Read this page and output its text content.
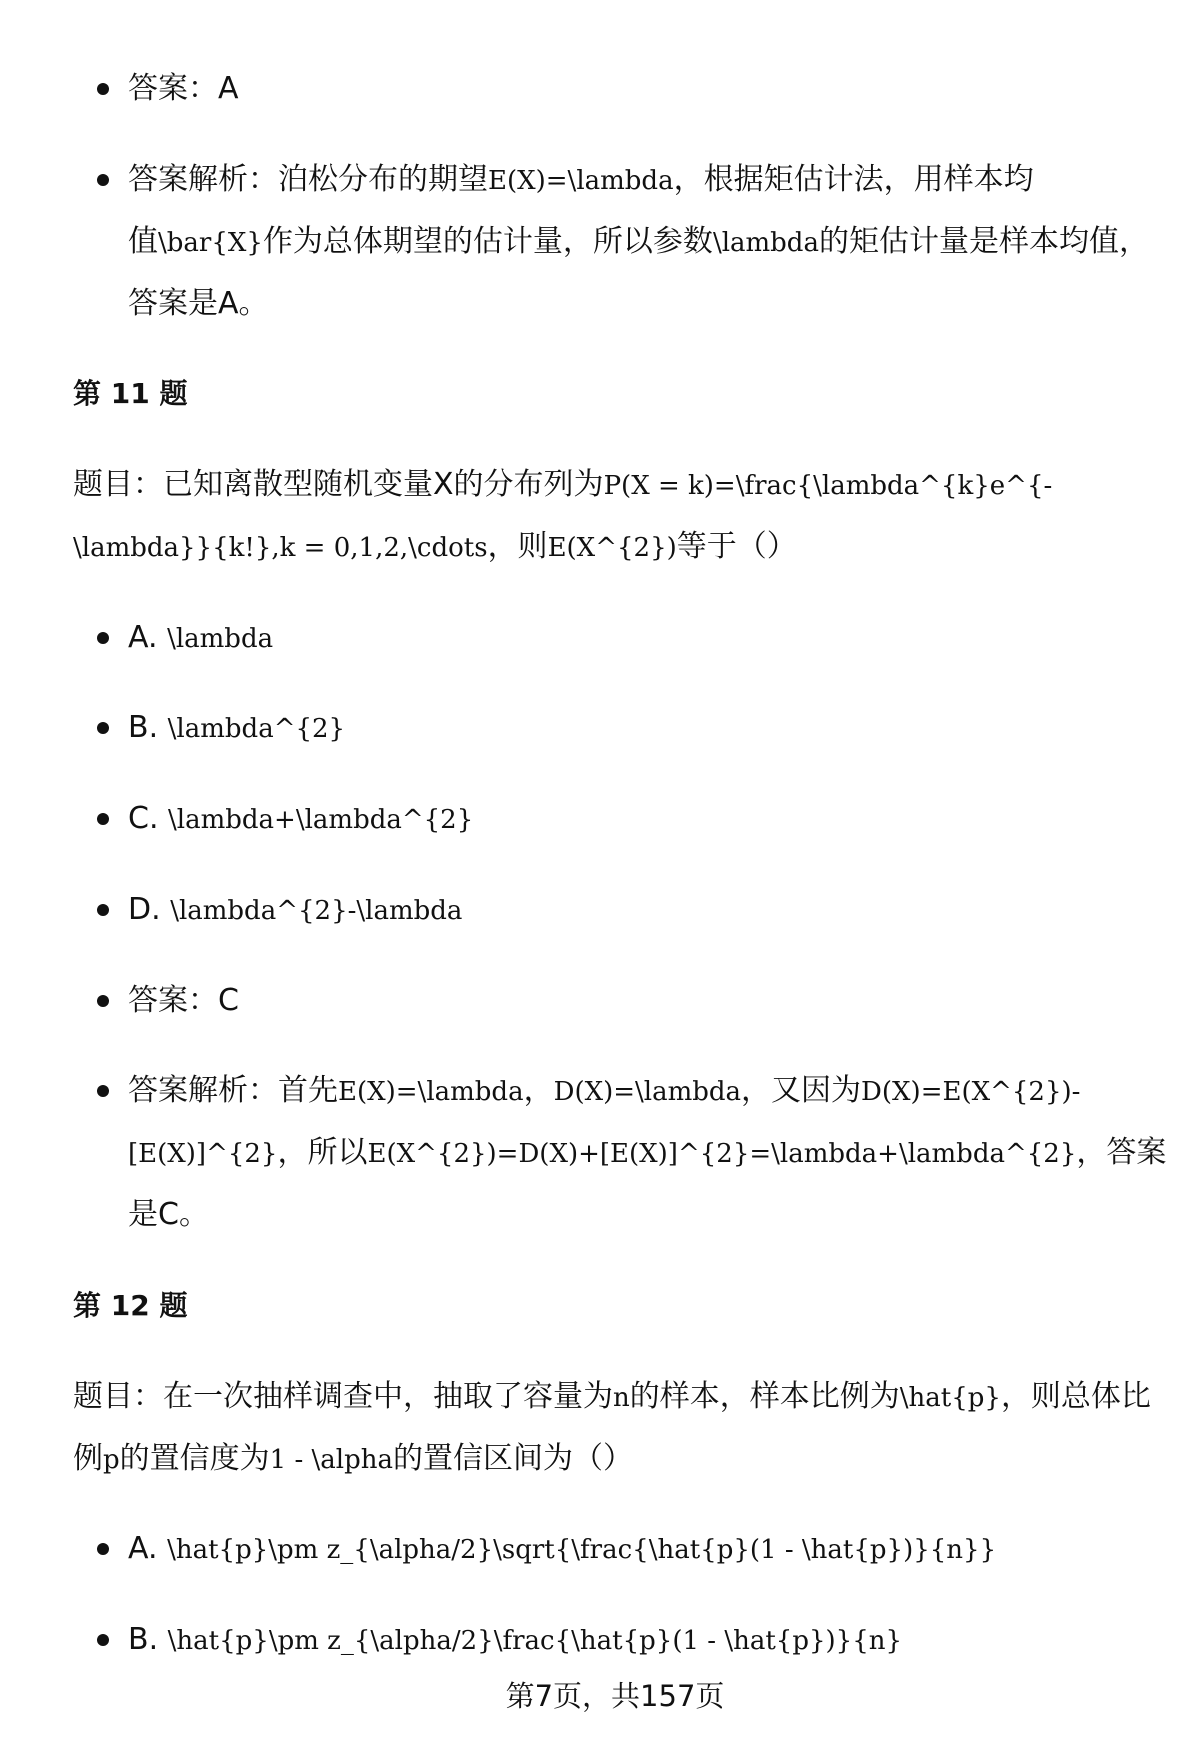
答案：A
答案解析：泊松分布的期望E(X)=\lambda，根据矩估计法，用样本均
值\bar{X}作为总体期望的估计量，所以参数\lambda的矩估计量是样本均值，
答案是A。
第 11 题
题目：已知离散型随机变量X的分布列为P(X = k)=\frac{\lambda^{k}e^{-
\lambda}}{k!},k = 0,1,2,\cdots，则E(X^{2})等于（）
A. \lambda
B. \lambda^{2}
C. \lambda+\lambda^{2}
D. \lambda^{2}-\lambda
答案：C
答案解析：首先E(X)=\lambda，D(X)=\lambda，又因为D(X)=E(X^{2})-
[E(X)]^{2}，所以E(X^{2})=D(X)+[E(X)]^{2}=\lambda+\lambda^{2}，答案
是C。
第 12 题
题目：在一次抽样调查中，抽取了容量为n的样本，样本比例为\hat{p}，则总体比
例p的置信度为1 - \alpha的置信区间为（）
A. \hat{p}\pm z_{\alpha/2}\sqrt{\frac{\hat{p}(1 - \hat{p})}{n}}
B. \hat{p}\pm z_{\alpha/2}\frac{\hat{p}(1 - \hat{p})}{n}
第7页，共157页
